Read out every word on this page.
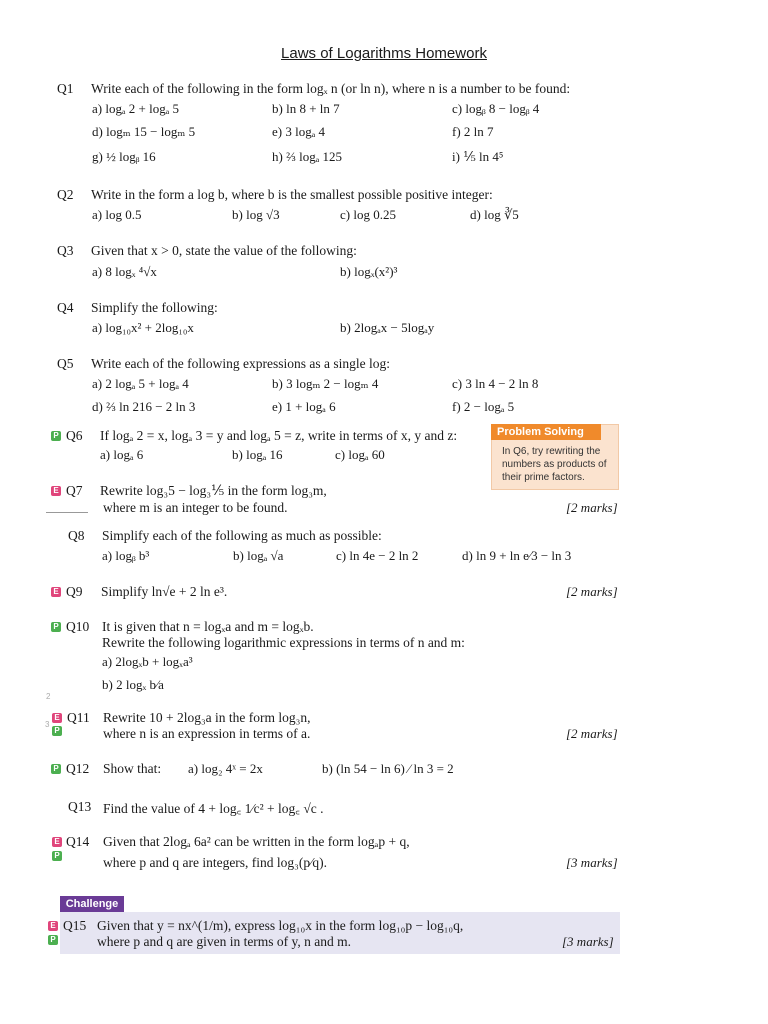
Laws of Logarithms Homework
Q1 Write each of the following in the form logₓ n (or ln n), where n is a number to be found:
a) logₐ 2 + logₐ 5	b) ln 8 + ln 7	c) logᵦ 8 − logᵦ 4
d) logₘ 15 − logₘ 5	e) 3 logₐ 4	f) 2 ln 7
g) ½ logᵦ 16	h) ⅔ logₐ 125	i) ⅕ ln 4⁵
Q2 Write in the form a log b, where b is the smallest possible positive integer:
a) log 0.5	b) log √3	c) log 0.25	d) log ∛5
Q3 Given that x > 0, state the value of the following:
a) 8 logₓ ⁴√x	b) logₓ(x²)³
Q4 Simplify the following:
a) log₁₀x² + 2log₁₀x	b) 2logₐx − 5logₐy
Q5 Write each of the following expressions as a single log:
a) 2 logₐ 5 + logₐ 4	b) 3 logₘ 2 − logₘ 4	c) 3 ln 4 − 2 ln 8
d) ⅔ ln 216 − 2 ln 3	e) 1 + logₐ 6	f) 2 − logₐ 5
P Q6 If logₐ 2 = x, logₐ 3 = y and logₐ 5 = z, write in terms of x, y and z:
a) logₐ 6	b) logₐ 16	c) logₐ 60
Problem Solving
In Q6, try rewriting the numbers as products of their prime factors.
E Q7 Rewrite log₃5 − log₃⅕ in the form log₃m,
where m is an integer to be found.	[2 marks]
Q8 Simplify each of the following as much as possible:
a) logᵦ b³	b) logₐ √a	c) ln 4e − 2 ln 2	d) ln 9 + ln e⁄3 − ln 3
E Q9 Simplify ln√e + 2 ln e³.	[2 marks]
P Q10 It is given that n = logₓa and m = logₓb.
Rewrite the following logarithmic expressions in terms of n and m:
a) 2logₓb + logₓa³
b) 2 logₓ b⁄a
2
E
P
3 Q11 Rewrite 10 + 2log₃a in the form log₃n,
where n is an expression in terms of a.	[2 marks]
P Q12 Show that: a) log₂ 4ˣ = 2x	b) (ln 54 − ln 6) ⁄ ln 3 = 2
Q13 Find the value of 4 + log꜀ 1⁄c² + log꜀ √c .
E
P
Q14 Given that 2logₐ 6a² can be written in the form logₐp + q,
where p and q are integers, find log₃(p⁄q).	[3 marks]
Challenge
E
P
Q15 Given that y = nx^(1/m), express log₁₀x in the form log₁₀p − log₁₀q,
where p and q are given in terms of y, n and m.	[3 marks]
